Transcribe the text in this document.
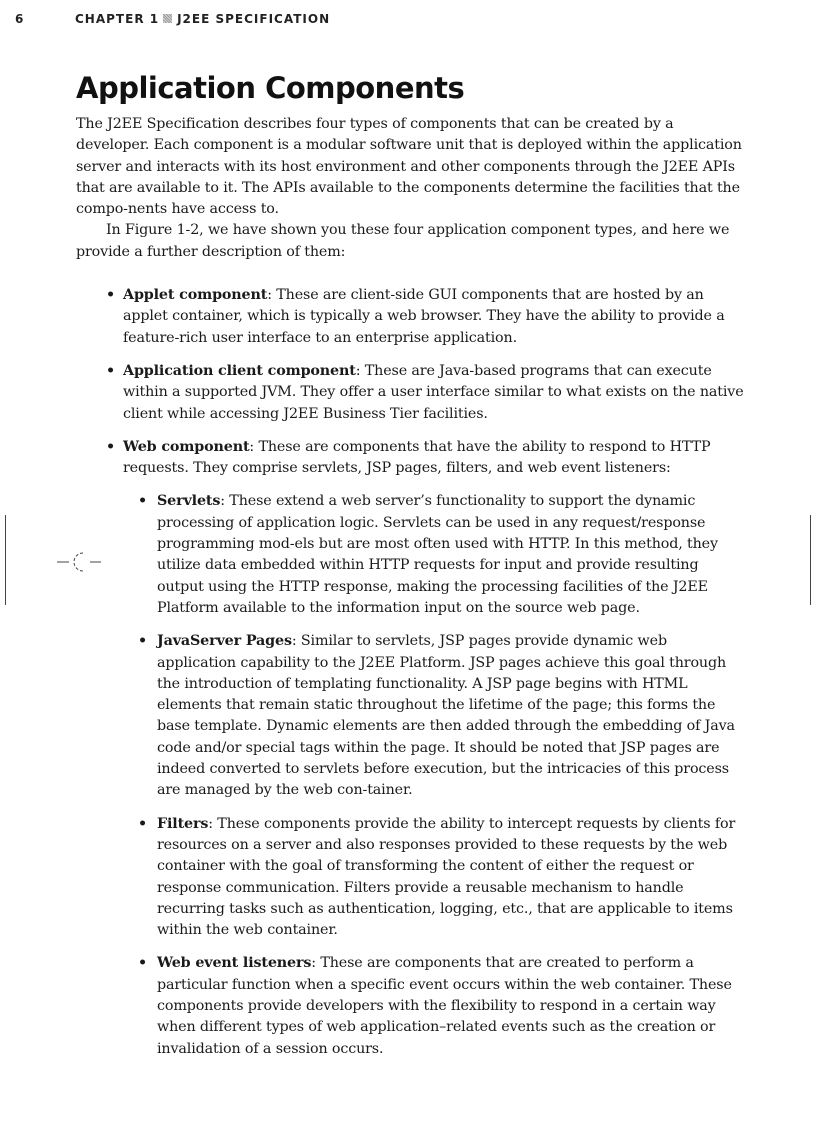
6	CHAPTER 1 J2EE SPECIFICATION
Application Components

The J2EE Specification describes four types of components that can be created by a developer. Each component is a modular software unit that is deployed within the application server and interacts with its host environment and other components through the J2EE APIs that are available to it. The APIs available to the components determine the facilities that the compo-nents have access to.

In Figure 1-2, we have shown you these four application component types, and here we provide a further description of them:

• Applet component: These are client-side GUI components that are hosted by an applet container, which is typically a web browser. They have the ability to provide a feature-rich user interface to an enterprise application.
• Application client component: These are Java-based programs that can execute within a supported JVM. They offer a user interface similar to what exists on the native client while accessing J2EE Business Tier facilities.
• Web component: These are components that have the ability to respond to HTTP requests. They comprise servlets, JSP pages, filters, and web event listeners:
• Servlets: These extend a web server’s functionality to support the dynamic processing of application logic. Servlets can be used in any request/response programming mod-els but are most often used with HTTP. In this method, they utilize data embedded within HTTP requests for input and provide resulting output using the HTTP response, making the processing facilities of the J2EE Platform available to the information input on the source web page.
• JavaServer Pages: Similar to servlets, JSP pages provide dynamic web application capability to the J2EE Platform. JSP pages achieve this goal through the introduction of templating functionality. A JSP page begins with HTML elements that remain static throughout the lifetime of the page; this forms the base template. Dynamic elements are then added through the embedding of Java code and/or special tags within the page. It should be noted that JSP pages are indeed converted to servlets before execution, but the intricacies of this process are managed by the web con-tainer.
• Filters: These components provide the ability to intercept requests by clients for resources on a server and also responses provided to these requests by the web container with the goal of transforming the content of either the request or response communication. Filters provide a reusable mechanism to handle recurring tasks such as authentication, logging, etc., that are applicable to items within the web container.
• Web event listeners: These are components that are created to perform a particular function when a specific event occurs within the web container. These components provide developers with the flexibility to respond in a certain way when different types of web application–related events such as the creation or invalidation of a session occurs.
